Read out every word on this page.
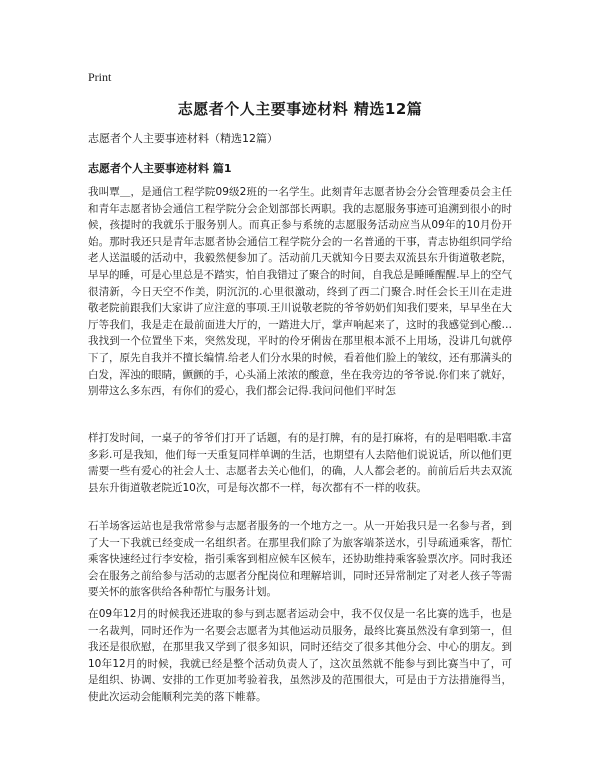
Print
志愿者个人主要事迹材料 精选12篇

志愿者个人主要事迹材料（精选12篇）

志愿者个人主要事迹材料 篇1

我叫覃＿，是通信工程学院09级2班的一名学生。此刻青年志愿者协会分会管理委员会主任和青年志愿者协会通信工程学院分会企划部部长两职。我的志愿服务事迹可追溯到很小的时候，孩提时的我就乐于服务别人。而真正参与系统的志愿服务活动应当从09年的10月份开始。那时我还只是青年志愿者协会通信工程学院分会的一名普通的干事，青志协组织同学给老人送温暖的活动中，我毅然便参加了。活动前几天就知今日要去双流县东升街道敬老院，早早的睡，可是心里总是不踏实，怕自我错过了聚合的时间，自我总是睡睡醒醒.早上的空气很清新，今日天空不作美，阴沉沉的.心里很激动，终到了西二门聚合.时任会长王川在走进敬老院前跟我们大家讲了应注意的事项.王川说敬老院的爷爷奶奶们知我们要来，早早坐在大厅等我们，我是走在最前面进大厅的，一踏进大厅，掌声响起来了，这时的我感觉到心酸…我找到一个位置坐下来，突然发现，平时的伶牙俐齿在那里根本派不上用场，没讲几句就停下了，原先自我并不擅长编情.给老人们分水果的时候，看着他们脸上的皱纹，还有那满头的白发，浑浊的眼睛，颤颤的手，心头涌上浓浓的酸意，坐在我旁边的爷爷说.你们来了就好，别带这么多东西，有你们的爱心，我们都会记得.我问问他们平时怎

样打发时间，一桌子的爷爷们打开了话题，有的是打牌，有的是打麻将，有的是唱唱歌.丰富多彩.可是我知，他们每一天重复同样单调的生活，也期望有人去陪他们说说话，所以他们更需要一些有爱心的社会人士、志愿者去关心他们，的确，人人都会老的。前前后后共去双流县东升街道敬老院近10次，可是每次都不一样，每次都有不一样的收获。

石羊场客运站也是我常常参与志愿者服务的一个地方之一。从一开始我只是一名参与者，到了大一下我就已经变成一名组织者。在那里我们除了为旅客端茶送水，引导疏通乘客，帮忙乘客快速经过行李安检，指引乘客到相应候车区候车，还协助维持乘客验票次序。同时我还会在服务之前给参与活动的志愿者分配岗位和理解培训，同时还异常制定了对老人孩子等需要关怀的旅客供给各种帮忙与服务计划。

在09年12月的时候我还进取的参与到志愿者运动会中，我不仅仅是一名比赛的选手，也是一名裁判，同时还作为一名要会志愿者为其他运动员服务，最终比赛虽然没有拿到第一，但我还是很欣慰，在那里我又学到了很多知识，同时还结交了很多其他分会、中心的朋友。到10年12月的时候，我就已经是整个活动负责人了，这次虽然就不能参与到比赛当中了，可是组织、协调、安排的工作更加考验着我，虽然涉及的范围很大，可是由于方法措施得当，使此次运动会能顺利完美的落下帷幕。
